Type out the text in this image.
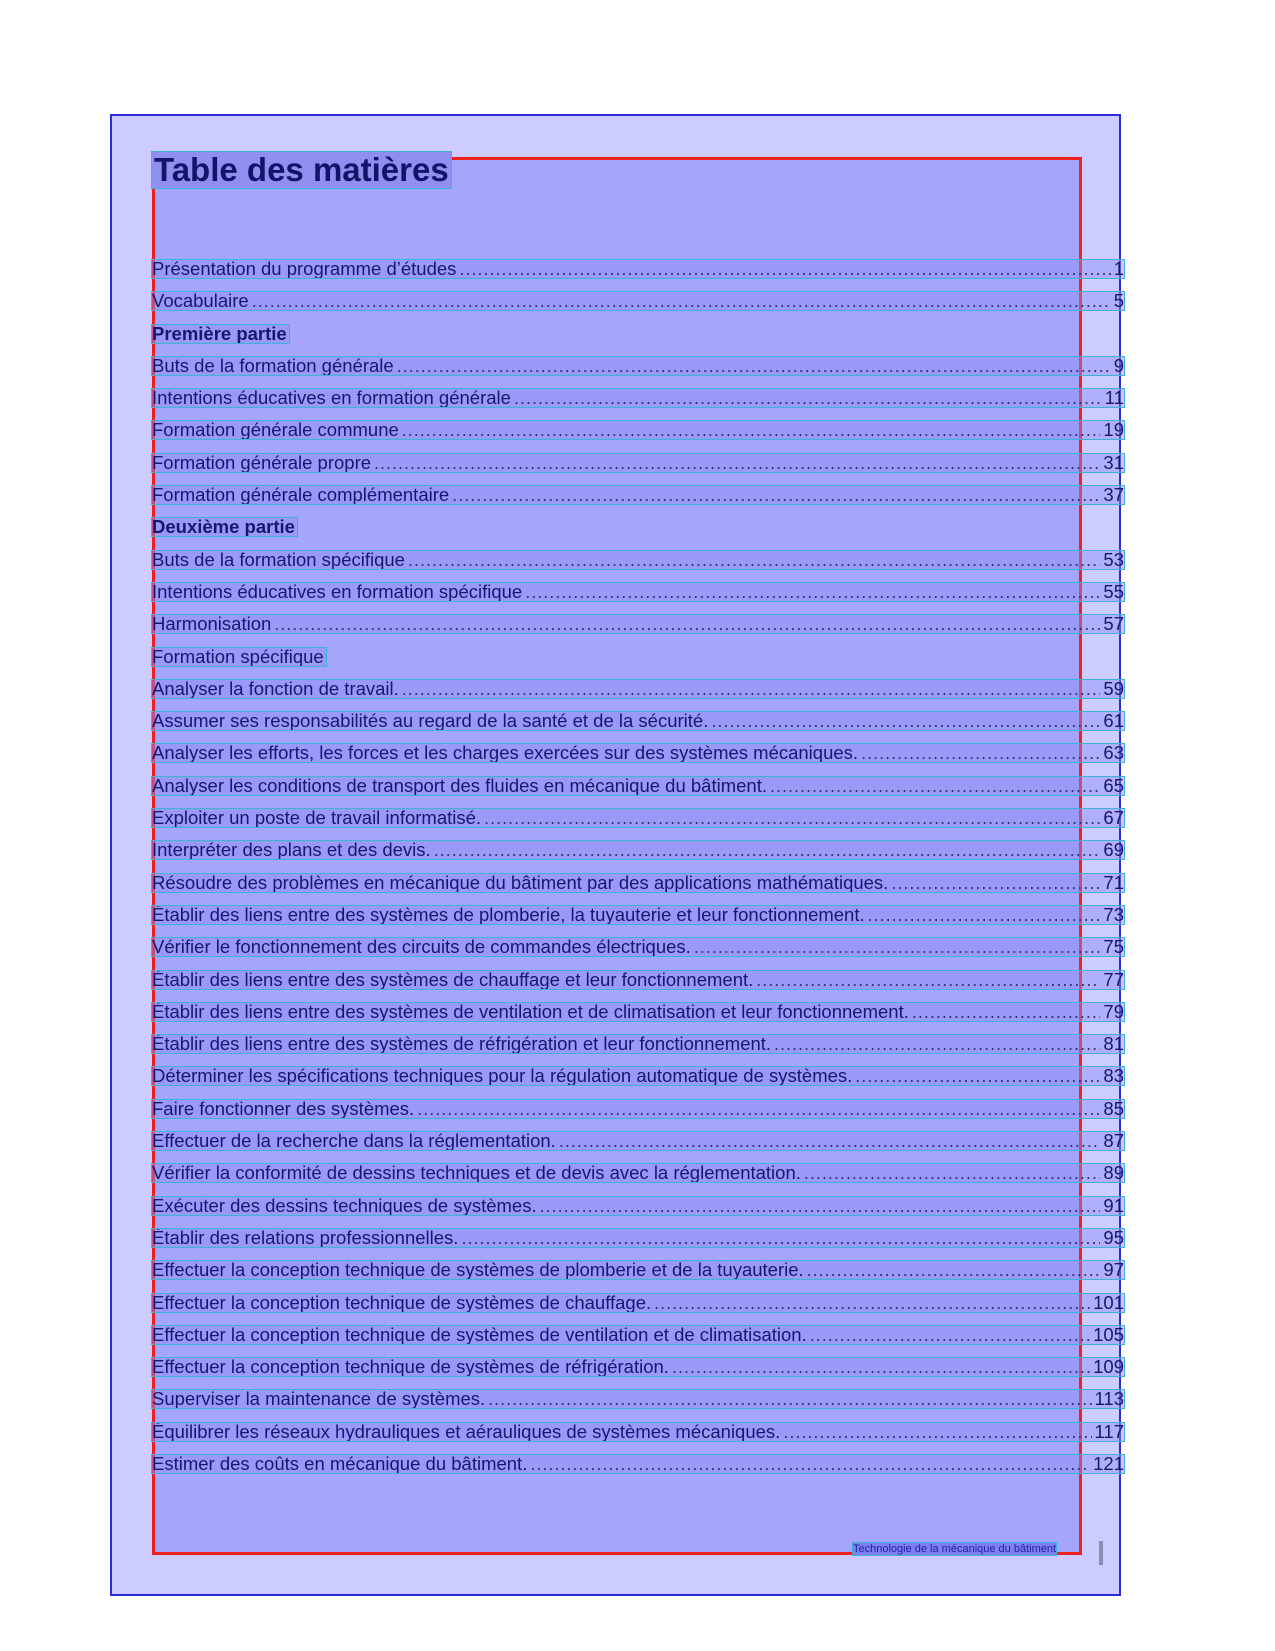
Table des matières
Présentation du programme d’études .....	1
Vocabulaire .....	5
Première partie
Buts de la formation générale .....	9
Intentions éducatives en formation générale .....	11
Formation générale commune .....	19
Formation générale propre .....	31
Formation générale complémentaire .....	37
Deuxième partie
Buts de la formation spécifique .....	53
Intentions éducatives en formation spécifique .....	55
Harmonisation .....	57
Formation spécifique
Analyser la fonction de travail. .....	59
Assumer ses responsabilités au regard de la santé et de la sécurité. .....	61
Analyser les efforts, les forces et les charges exercées sur des systèmes mécaniques. .....	63
Analyser les conditions de transport des fluides en mécanique du bâtiment. .....	65
Exploiter un poste de travail informatisé. .....	67
Interpréter des plans et des devis. .....	69
Résoudre des problèmes en mécanique du bâtiment par des applications mathématiques. .....	71
Établir des liens entre des systèmes de plomberie, la tuyauterie et leur fonctionnement. .....	73
Vérifier le fonctionnement des circuits de commandes électriques. .....	75
Établir des liens entre des systèmes de chauffage et leur fonctionnement. .....	77
Établir des liens entre des systèmes de ventilation et de climatisation et leur fonctionnement. .....	79
Établir des liens entre des systèmes de réfrigération et leur fonctionnement. .....	81
Déterminer les spécifications techniques pour la régulation automatique de systèmes. .....	83
Faire fonctionner des systèmes. .....	85
Effectuer de la recherche dans la réglementation. .....	87
Vérifier la conformité de dessins techniques et de devis avec la réglementation. .....	89
Exécuter des dessins techniques de systèmes. .....	91
Établir des relations professionnelles. .....	95
Effectuer la conception technique de systèmes de plomberie et de la tuyauterie. .....	97
Effectuer la conception technique de systèmes de chauffage. .....	101
Effectuer la conception technique de systèmes de ventilation et de climatisation. .....	105
Effectuer la conception technique de systèmes de réfrigération. .....	109
Superviser la maintenance de systèmes. .....	113
Équilibrer les réseaux hydrauliques et aérauliques de systèmes mécaniques. .....	117
Estimer des coûts en mécanique du bâtiment. .....	121
Technologie de la mécanique du bâtiment
